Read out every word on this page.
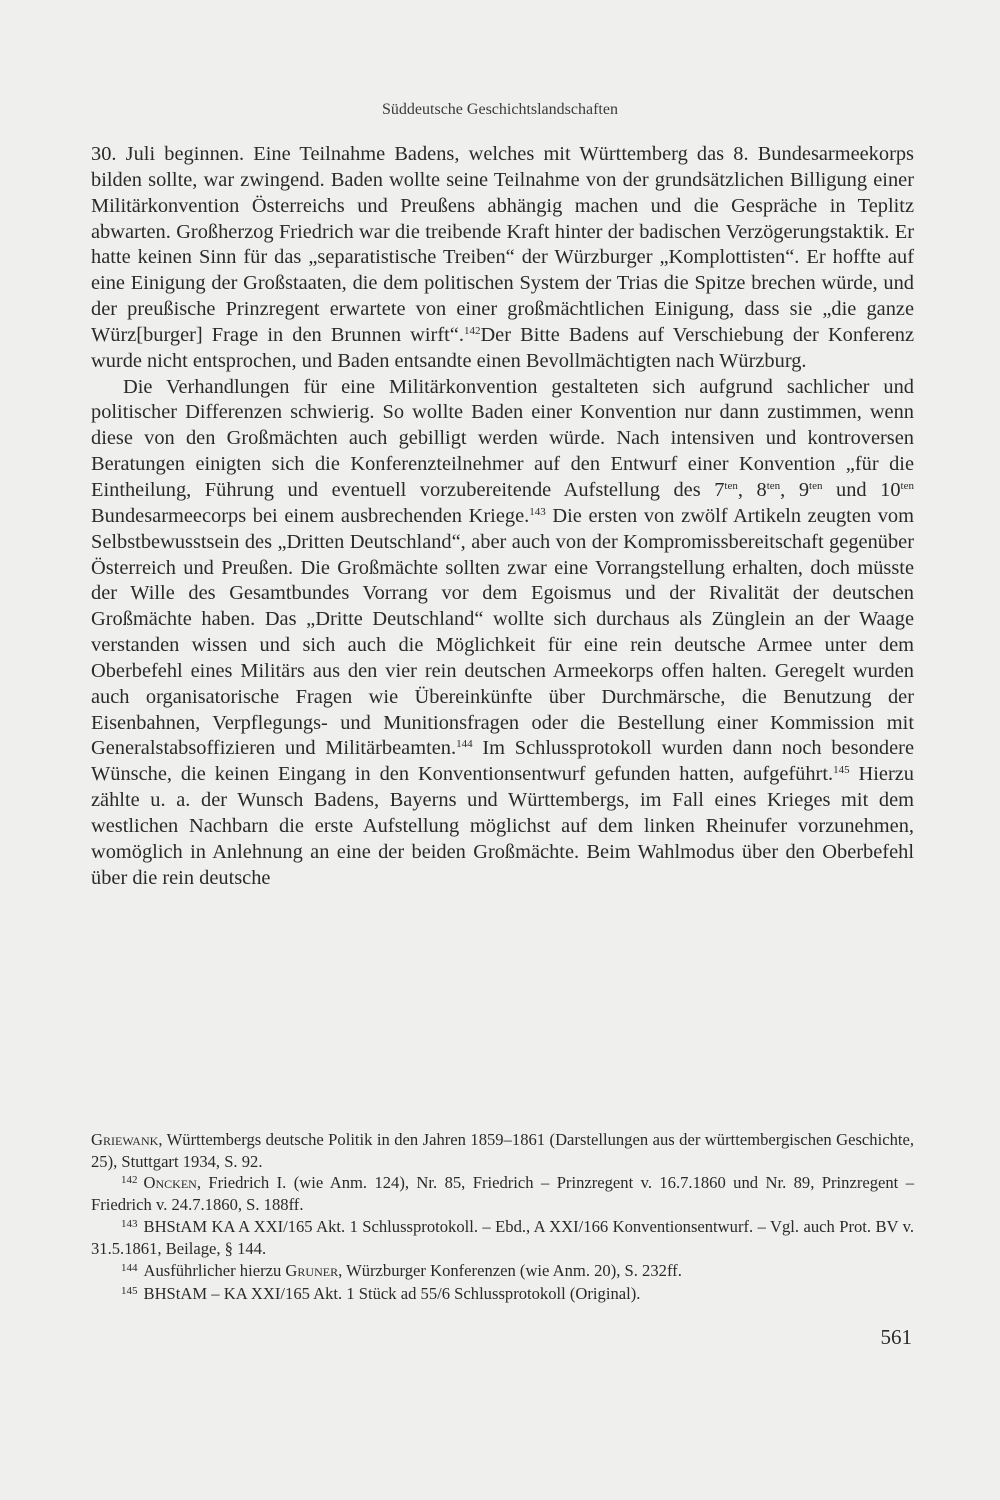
Süddeutsche Geschichtslandschaften

30. Juli beginnen. Eine Teilnahme Badens, welches mit Württemberg das 8. Bundesarmeekorps bilden sollte, war zwingend. Baden wollte seine Teilnahme von der grundsätzlichen Billigung einer Militärkonvention Österreichs und Preußens abhängig machen und die Gespräche in Teplitz abwarten. Großherzog Friedrich war die treibende Kraft hinter der badischen Verzögerungstaktik. Er hatte keinen Sinn für das „separatistische Treiben“ der Würzburger „Komplottisten“. Er hoffte auf eine Einigung der Großstaaten, die dem politischen System der Trias die Spitze brechen würde, und der preußische Prinzregent erwartete von einer großmächtlichen Einigung, dass sie „die ganze Würz[burger] Frage in den Brunnen wirft“.$^{142}$Der Bitte Badens auf Verschiebung der Konferenz wurde nicht entsprochen, und Baden entsandte einen Bevollmächtigten nach Würzburg.

Die Verhandlungen für eine Militärkonvention gestalteten sich aufgrund sachlicher und politischer Differenzen schwierig. So wollte Baden einer Konvention nur dann zustimmen, wenn diese von den Großmächten auch gebilligt werden würde. Nach intensiven und kontroversen Beratungen einigten sich die Konferenzteilnehmer auf den Entwurf einer Konvention „für die Eintheilung, Führung und eventuell vorzubereitende Aufstellung des $7^{ten}$, $8^{ten}$, $9^{ten}$ und $10^{ten}$ Bundesarmeecorps bei einem ausbrechenden Kriege.$^{143}$ Die ersten von zwölf Artikeln zeugten vom Selbstbewusstsein des „Dritten Deutschland“, aber auch von der Kompromissbereitschaft gegenüber Österreich und Preußen. Die Großmächte sollten zwar eine Vorrangstellung erhalten, doch müsste der Wille des Gesamtbundes Vorrang vor dem Egoismus und der Rivalität der deutschen Großmächte haben. Das „Dritte Deutschland“ wollte sich durchaus als Zünglein an der Waage verstanden wissen und sich auch die Möglichkeit für eine rein deutsche Armee unter dem Oberbefehl eines Militärs aus den vier rein deutschen Armeekorps offen halten. Geregelt wurden auch organisatorische Fragen wie Übereinkünfte über Durchmärsche, die Benutzung der Eisenbahnen, Verpflegungs- und Munitionsfragen oder die Bestellung einer Kommission mit Generalstabsoffizieren und Militärbeamten.$^{144}$ Im Schlussprotokoll wurden dann noch besondere Wünsche, die keinen Eingang in den Konventionsentwurf gefunden hatten, aufgeführt.$^{145}$ Hierzu zählte u. a. der Wunsch Badens, Bayerns und Württembergs, im Fall eines Krieges mit dem westlichen Nachbarn die erste Aufstellung möglichst auf dem linken Rheinufer vorzunehmen, womöglich in Anlehnung an eine der beiden Großmächte. Beim Wahlmodus über den Oberbefehl über die rein deutsche

Griewank, Württembergs deutsche Politik in den Jahren 1859–1861 (Darstellungen aus der württembergischen Geschichte, 25), Stuttgart 1934, S. 92.

$^{142}$ Oncken, Friedrich I. (wie Anm. 124), Nr. 85, Friedrich – Prinzregent v. 16.7.1860 und Nr. 89, Prinzregent – Friedrich v. 24.7.1860, S. 188ff.

$^{143}$ BHStAM KA A XXI/165 Akt. 1 Schlussprotokoll. – Ebd., A XXI/166 Konventionsentwurf. – Vgl. auch Prot. BV v. 31.5.1861, Beilage, § 144.

$^{144}$ Ausführlicher hierzu Gruner, Würzburger Konferenzen (wie Anm. 20), S. 232ff.

$^{145}$ BHStAM – KA XXI/165 Akt. 1 Stück ad 55/6 Schlussprotokoll (Original).

561
